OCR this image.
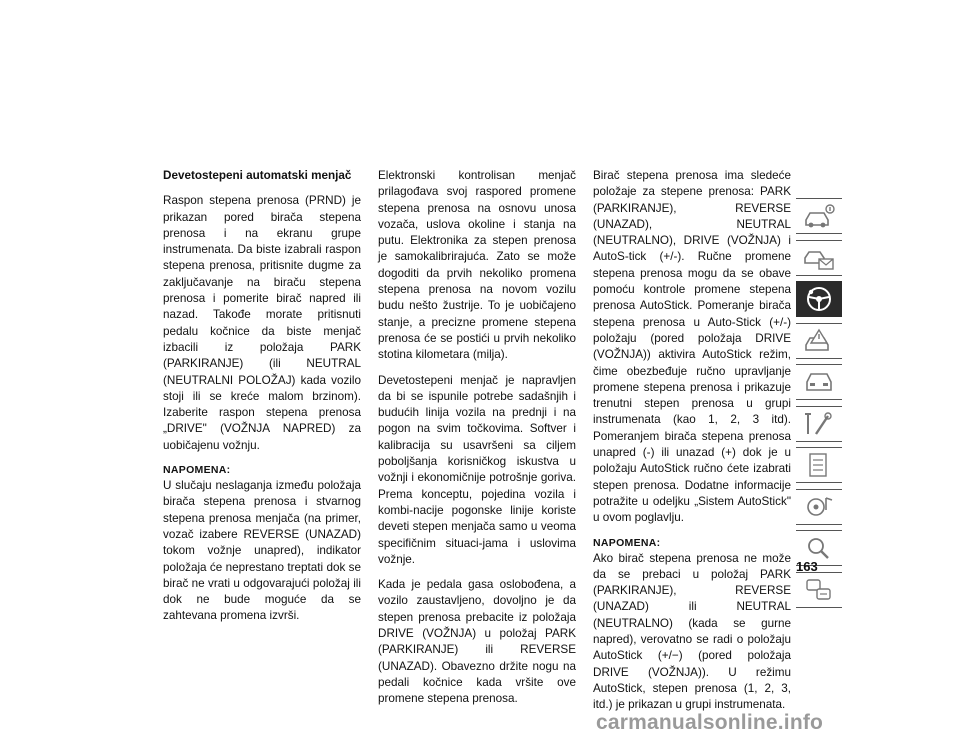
Devetostepeni automatski menjač

Raspon stepena prenosa (PRND) je prikazan pored birača stepena prenosa i na ekranu grupe instrumenata. Da biste izabrali raspon stepena prenosa, pritisnite dugme za zaključavanje na biraču stepena prenosa i pomerite birač napred ili nazad. Takođe morate pritisnuti pedalu kočnice da biste menjač izbacili iz položaja PARK (PARKIRANJE) (ili NEUTRAL (NEUTRALNI POLOŽAJ) kada vozilo stoji ili se kreće malom brzinom). Izaberite raspon stepena prenosa „DRIVE" (VOŽNJA NAPRED) za uobičajenu vožnju.

NAPOMENA:

U slučaju neslaganja između položaja birača stepena prenosa i stvarnog stepena prenosa menjača (na primer, vozač izabere REVERSE (UNAZAD) tokom vožnje unapred), indikator položaja će neprestano treptati dok se birač ne vrati u odgovarajući položaj ili dok ne bude moguće da se zahtevana promena izvrši.

Elektronski kontrolisan menjač prilagođava svoj raspored promene stepena prenosa na osnovu unosa vozača, uslova okoline i stanja na putu. Elektronika za stepen prenosa je samokalibrirajuća. Zato se može dogoditi da prvih nekoliko promena stepena prenosa na novom vozilu budu nešto žustrije. To je uobičajeno stanje, a precizne promene stepena prenosa će se postići u prvih nekoliko stotina kilometara (milja).

Devetostepeni menjač je napravljen da bi se ispunile potrebe sadašnjih i budućih linija vozila na prednji i na pogon na svim točkovima. Softver i kalibracija su usavršeni sa ciljem poboljšanja korisničkog iskustva u vožnji i ekonomičnije potrošnje goriva. Prema konceptu, pojedina vozila i kombi-nacije pogonske linije koriste deveti stepen menjača samo u veoma specifičnim situaci-jama i uslovima vožnje.

Kada je pedala gasa oslobođena, a vozilo zaustavljeno, dovoljno je da stepen prenosa prebacite iz položaja DRIVE (VOŽNJA) u položaj PARK (PARKIRANJE) ili REVERSE (UNAZAD). Obavezno držite nogu na pedali kočnice kada vršite ove promene stepena prenosa.

Birač stepena prenosa ima sledeće položaje za stepene prenosa: PARK (PARKIRANJE), REVERSE (UNAZAD), NEUTRAL (NEUTRALNO), DRIVE (VOŽNJA) i AutoS-tick (+/-). Ručne promene stepena prenosa mogu da se obave pomoću kontrole promene stepena prenosa AutoStick. Pomeranje birača stepena prenosa u Auto-Stick (+/-) položaju (pored položaja DRIVE (VOŽNJA)) aktivira AutoStick režim, čime obezbeđuje ručno upravljanje promene stepena prenosa i prikazuje trenutni stepen prenosa u grupi instrumenata (kao 1, 2, 3 itd). Pomeranjem birača stepena prenosa unapred (-) ili unazad (+) dok je u položaju AutoStick ručno ćete izabrati stepen prenosa. Dodatne informacije potražite u odeljku „Sistem AutoStick" u ovom poglavlju.

NAPOMENA:

Ako birač stepena prenosa ne može da se prebaci u položaj PARK (PARKIRANJE), REVERSE (UNAZAD) ili NEUTRAL (NEUTRALNO) (kada se gurne napred), verovatno se radi o položaju AutoStick (+/−) (pored položaja DRIVE (VOŽNJA)). U režimu AutoStick, stepen prenosa (1, 2, 3, itd.) je prikazan u grupi instrumenata.

163
carmanualsonline.info
